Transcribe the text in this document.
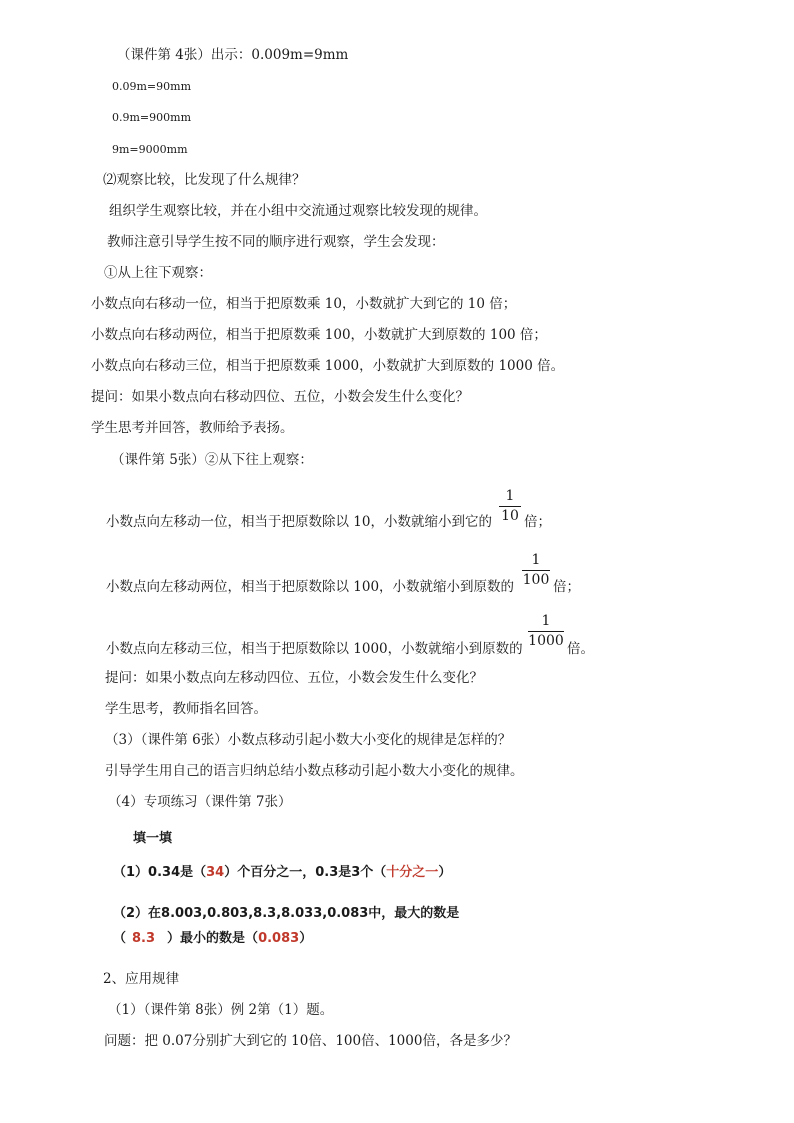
（课件第 4张）出示：0.009m=9mm
0.09m=90mm
0.9m=900mm
9m=9000mm
⑵观察比较，比发现了什么规律？
组织学生观察比较，并在小组中交流通过观察比较发现的规律。
教师注意引导学生按不同的顺序进行观察，学生会发现：
①从上往下观察：
小数点向右移动一位，相当于把原数乘 10，小数就扩大到它的 10 倍；
小数点向右移动两位，相当于把原数乘 100，小数就扩大到原数的 100 倍；
小数点向右移动三位，相当于把原数乘 1000，小数就扩大到原数的 1000 倍。
提问：如果小数点向右移动四位、五位，小数会发生什么变化？
学生思考并回答，教师给予表扬。
（课件第 5张）②从下往上观察：
小数点向左移动一位，相当于把原数除以 10，小数就缩小到它的
1
10 倍；
小数点向左移动两位，相当于把原数除以 100，小数就缩小到原数的
1
100 倍；
小数点向左移动三位，相当于把原数除以 1000，小数就缩小到原数的
1
1000 倍。
提问：如果小数点向左移动四位、五位，小数会发生什么变化？
学生思考，教师指名回答。
（3）（课件第 6张）小数点移动引起小数大小变化的规律是怎样的？
引导学生用自己的语言归纳总结小数点移动引起小数大小变化的规律。
（4）专项练习（课件第 7张）
填一填
（1）0.34是（34）个百分之一，0.3是3个（十分之一）
（2）在8.003,0.803,8.3,8.033,0.083中，最大的数是
（ 8.3 ）最小的数是（0.083）
2、应用规律
（1）（课件第 8张）例 2第（1）题。
问题：把 0.07分别扩大到它的 10倍、100倍、1000倍，各是多少？
